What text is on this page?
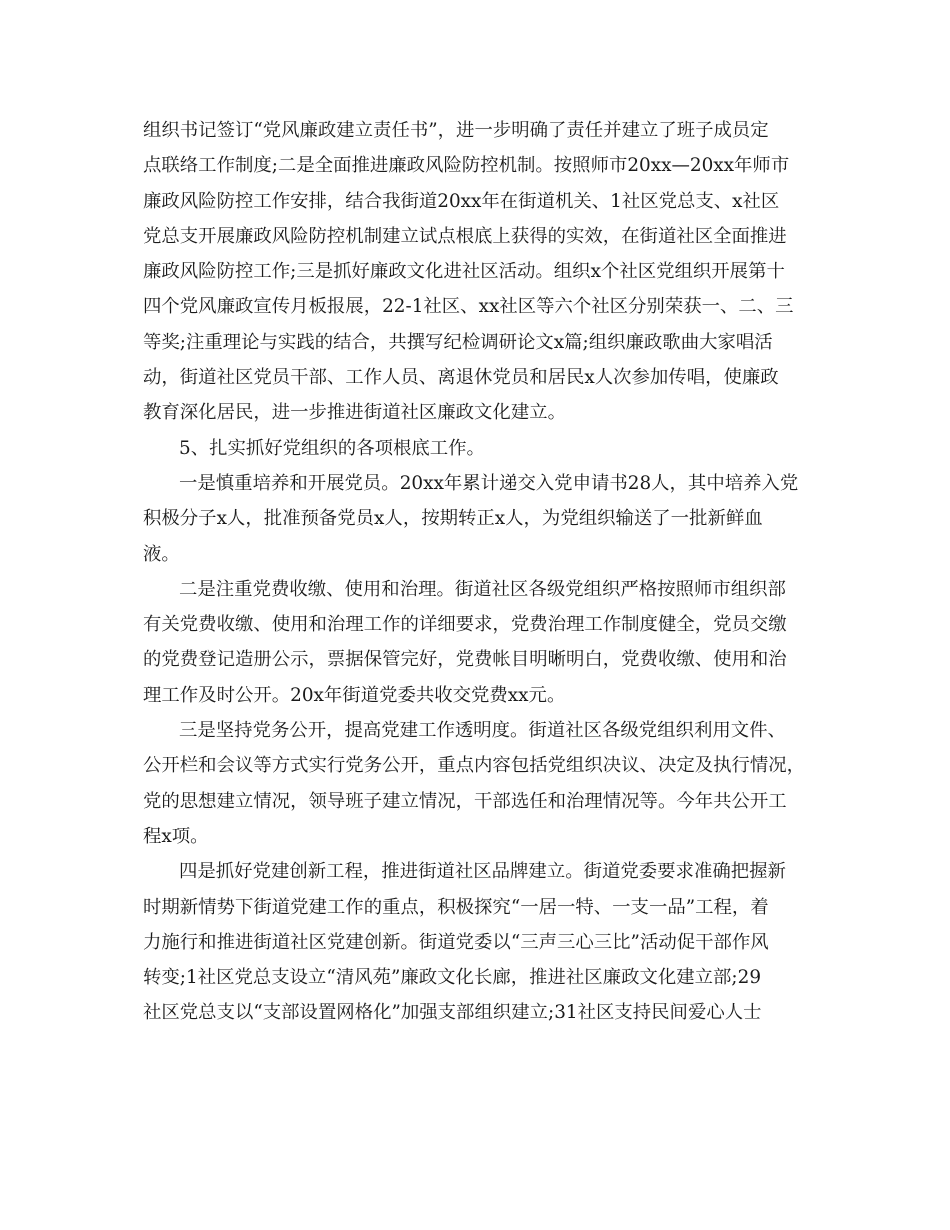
组织书记签订“党风廉政建立责任书”，进一步明确了责任并建立了班子成员定
点联络工作制度;二是全面推进廉政风险防控机制。按照师市20xx—20xx年师市
廉政风险防控工作安排，结合我街道20xx年在街道机关、1社区党总支、x社区
党总支开展廉政风险防控机制建立试点根底上获得的实效，在街道社区全面推进
廉政风险防控工作;三是抓好廉政文化进社区活动。组织x个社区党组织开展第十
四个党风廉政宣传月板报展，22-1社区、xx社区等六个社区分别荣获一、二、三
等奖;注重理论与实践的结合，共撰写纪检调研论文x篇;组织廉政歌曲大家唱活
动，街道社区党员干部、工作人员、离退休党员和居民x人次参加传唱，使廉政
教育深化居民，进一步推进街道社区廉政文化建立。
5、扎实抓好党组织的各项根底工作。
一是慎重培养和开展党员。20xx年累计递交入党申请书28人，其中培养入党
积极分子x人，批准预备党员x人，按期转正x人，为党组织输送了一批新鲜血
液。
二是注重党费收缴、使用和治理。街道社区各级党组织严格按照师市组织部
有关党费收缴、使用和治理工作的详细要求，党费治理工作制度健全，党员交缴
的党费登记造册公示，票据保管完好，党费帐目明晰明白，党费收缴、使用和治
理工作及时公开。20x年街道党委共收交党费xx元。
三是坚持党务公开，提高党建工作透明度。街道社区各级党组织利用文件、
公开栏和会议等方式实行党务公开，重点内容包括党组织决议、决定及执行情况，
党的思想建立情况，领导班子建立情况，干部选任和治理情况等。今年共公开工
程x项。
四是抓好党建创新工程，推进街道社区品牌建立。街道党委要求准确把握新
时期新情势下街道党建工作的重点，积极探究“一居一特、一支一品”工程，着
力施行和推进街道社区党建创新。街道党委以“三声三心三比”活动促干部作风
转变;1社区党总支设立“清风苑”廉政文化长廊，推进社区廉政文化建立部;29
社区党总支以“支部设置网格化”加强支部组织建立;31社区支持民间爱心人士
